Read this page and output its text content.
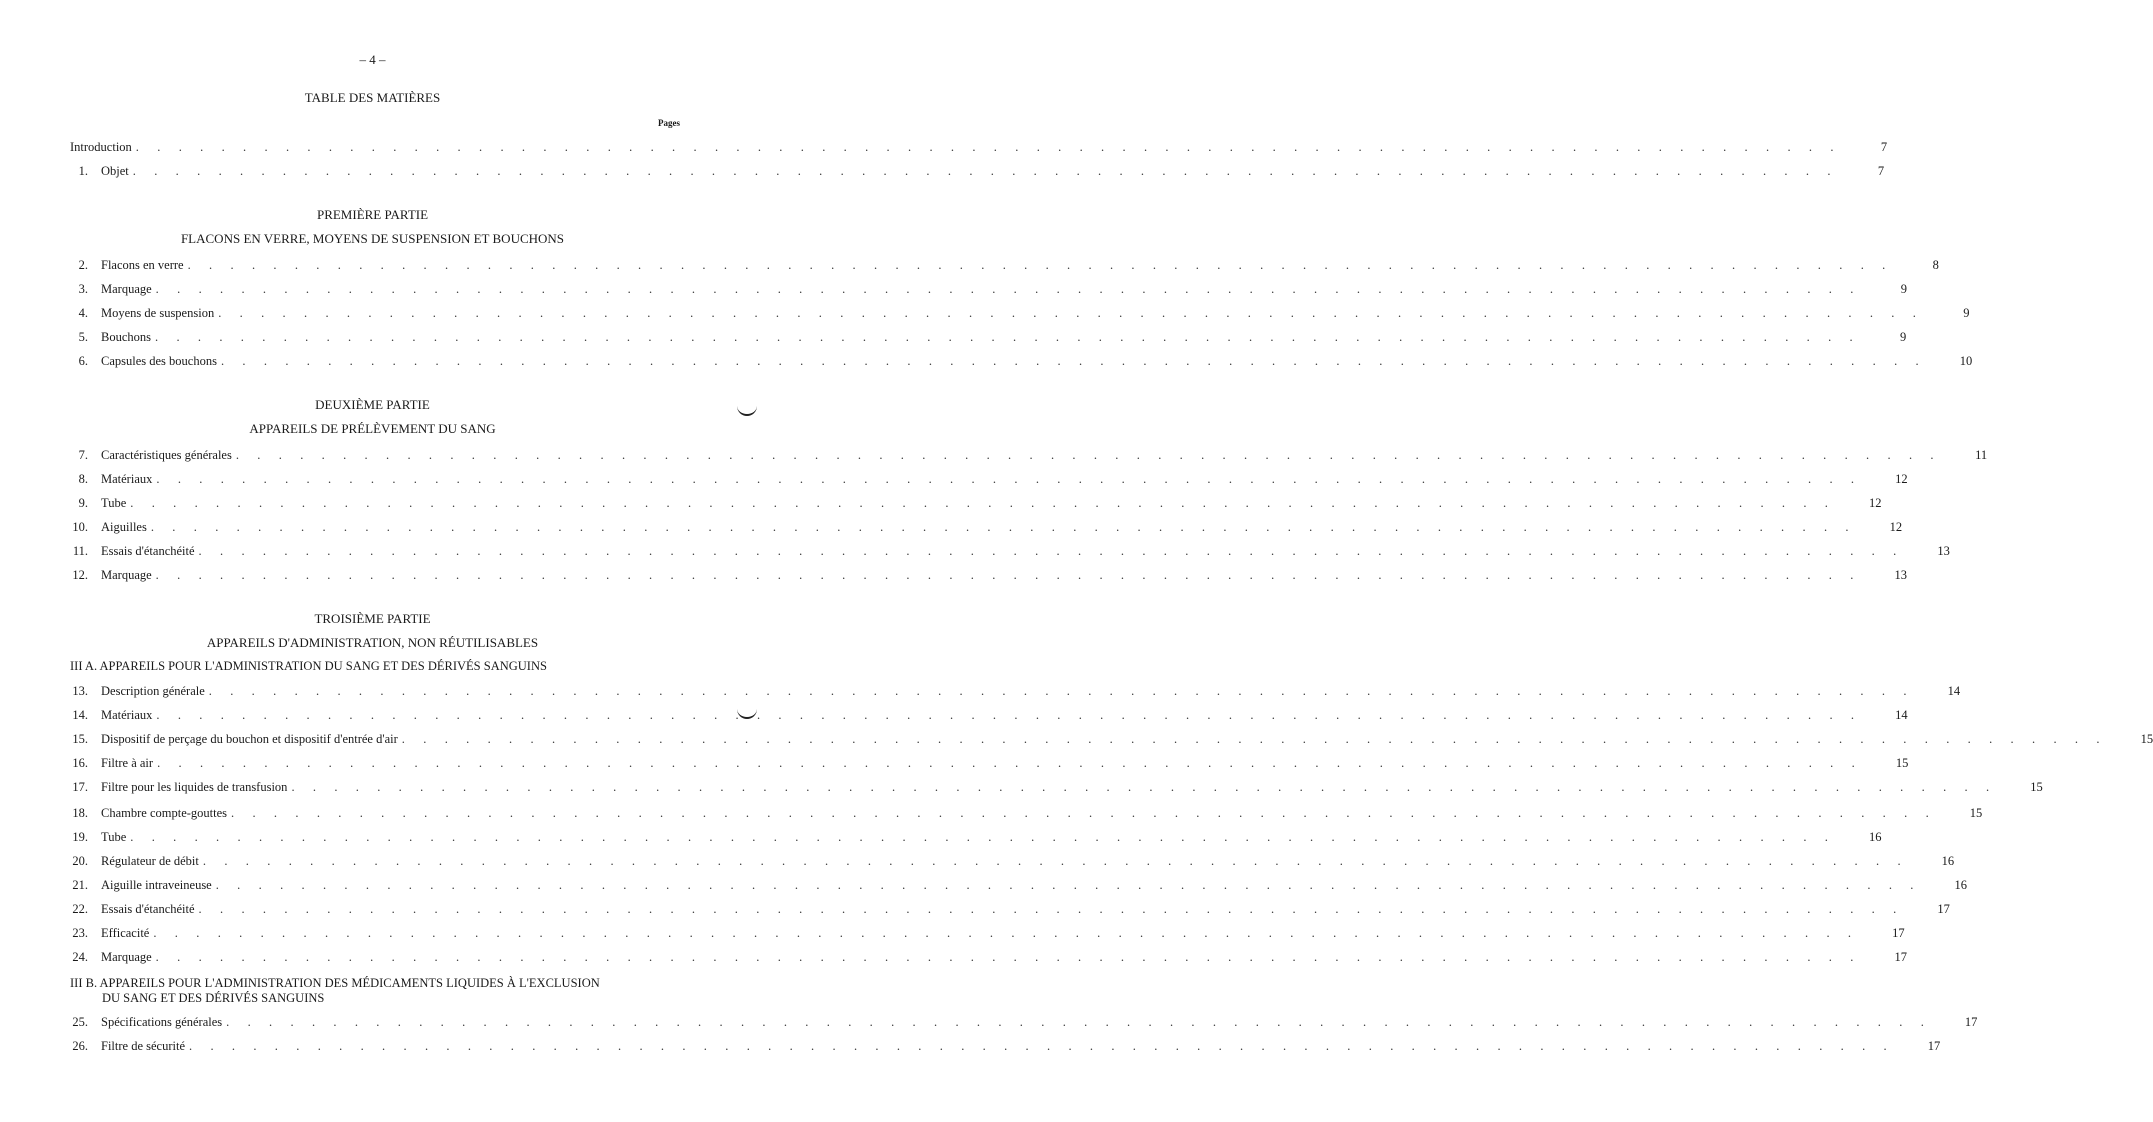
– 4 –
TABLE DES MATIÈRES
Pages
PREMIÈRE PARTIE
FLACONS EN VERRE, MOYENS DE SUSPENSION ET BOUCHONS
DEUXIÈME PARTIE
APPAREILS DE PRÉLÈVEMENT DU SANG
TROISIÈME PARTIE
APPAREILS D'ADMINISTRATION, NON RÉUTILISABLES
III A. APPAREILS POUR L'ADMINISTRATION DU SANG ET DES DÉRIVÉS SANGUINS
III B. APPAREILS POUR L'ADMINISTRATION DES MÉDICAMENTS LIQUIDES À L'EXCLUSION
DU SANG ET DES DÉRIVÉS SANGUINS
Introduction . . . . . . . . . . . . . . . . . . . . . . . . . . . . . . . . . . . . . . . . . . . . . . . . . . . . . . . . . . . . . . . . . . . . . . . . . . . . . . . .	7
1. Objet . . . . . . . . . . . . . . . . . . . . . . . . . . . . . . . . . . . . . . . . . . . . . . . . . . . . . . . . . . . . . . . . . . . . . . . . . . . . . . . .	7
2. Flacons en verre . . . . . . . . . . . . . . . . . . . . . . . . . . . . . . . . . . . . . . . . . . . . . . . . . . . . . . . . . . . . . . . . . . . . . . . . . . . . . . . .	8
3. Marquage . . . . . . . . . . . . . . . . . . . . . . . . . . . . . . . . . . . . . . . . . . . . . . . . . . . . . . . . . . . . . . . . . . . . . . . . . . . . . . . .	9
4. Moyens de suspension . . . . . . . . . . . . . . . . . . . . . . . . . . . . . . . . . . . . . . . . . . . . . . . . . . . . . . . . . . . . . . . . . . . . . . . . . . . . . . . .	9
5. Bouchons . . . . . . . . . . . . . . . . . . . . . . . . . . . . . . . . . . . . . . . . . . . . . . . . . . . . . . . . . . . . . . . . . . . . . . . . . . . . . . . .	9
6. Capsules des bouchons . . . . . . . . . . . . . . . . . . . . . . . . . . . . . . . . . . . . . . . . . . . . . . . . . . . . . . . . . . . . . . . . . . . . . . . . . . . . . . . .	10
7. Caractéristiques générales . . . . . . . . . . . . . . . . . . . . . . . . . . . . . . . . . . . . . . . . . . . . . . . . . . . . . . . . . . . . . . . . . . . . . . . . . . . . . . . .	11
8. Matériaux . . . . . . . . . . . . . . . . . . . . . . . . . . . . . . . . . . . . . . . . . . . . . . . . . . . . . . . . . . . . . . . . . . . . . . . . . . . . . . . .	12
9. Tube . . . . . . . . . . . . . . . . . . . . . . . . . . . . . . . . . . . . . . . . . . . . . . . . . . . . . . . . . . . . . . . . . . . . . . . . . . . . . . . .	12
10. Aiguilles . . . . . . . . . . . . . . . . . . . . . . . . . . . . . . . . . . . . . . . . . . . . . . . . . . . . . . . . . . . . . . . . . . . . . . . . . . . . . . . .	12
11. Essais d'étanchéité . . . . . . . . . . . . . . . . . . . . . . . . . . . . . . . . . . . . . . . . . . . . . . . . . . . . . . . . . . . . . . . . . . . . . . . . . . . . . . . .	13
12. Marquage . . . . . . . . . . . . . . . . . . . . . . . . . . . . . . . . . . . . . . . . . . . . . . . . . . . . . . . . . . . . . . . . . . . . . . . . . . . . . . . .	13
13. Description générale . . . . . . . . . . . . . . . . . . . . . . . . . . . . . . . . . . . . . . . . . . . . . . . . . . . . . . . . . . . . . . . . . . . . . . . . . . . . . . . .	14
14. Matériaux . . . . . . . . . . . . . . . . . . . . . . . . . . . . . . . . . . . . . . . . . . . . . . . . . . . . . . . . . . . . . . . . . . . . . . . . . . . . . . . .	14
15. Dispositif de perçage du bouchon et dispositif d'entrée d'air . . . . . . . . . . . . . . . . . . . . . . . . . . . . . . . . . . . . . . . . . . . . . . . . . . . . . . . . . . . . . . . . . . . . . . . . . . . . . . . .	15
16. Filtre à air . . . . . . . . . . . . . . . . . . . . . . . . . . . . . . . . . . . . . . . . . . . . . . . . . . . . . . . . . . . . . . . . . . . . . . . . . . . . . . . .	15
17. Filtre pour les liquides de transfusion . . . . . . . . . . . . . . . . . . . . . . . . . . . . . . . . . . . . . . . . . . . . . . . . . . . . . . . . . . . . . . . . . . . . . . . . . . . . . . . .	15
18. Chambre compte-gouttes . . . . . . . . . . . . . . . . . . . . . . . . . . . . . . . . . . . . . . . . . . . . . . . . . . . . . . . . . . . . . . . . . . . . . . . . . . . . . . . .	15
19. Tube . . . . . . . . . . . . . . . . . . . . . . . . . . . . . . . . . . . . . . . . . . . . . . . . . . . . . . . . . . . . . . . . . . . . . . . . . . . . . . . .	16
20. Régulateur de débit . . . . . . . . . . . . . . . . . . . . . . . . . . . . . . . . . . . . . . . . . . . . . . . . . . . . . . . . . . . . . . . . . . . . . . . . . . . . . . . .	16
21. Aiguille intraveineuse . . . . . . . . . . . . . . . . . . . . . . . . . . . . . . . . . . . . . . . . . . . . . . . . . . . . . . . . . . . . . . . . . . . . . . . . . . . . . . . .	16
22. Essais d'étanchéité . . . . . . . . . . . . . . . . . . . . . . . . . . . . . . . . . . . . . . . . . . . . . . . . . . . . . . . . . . . . . . . . . . . . . . . . . . . . . . . .	17
23. Efficacité . . . . . . . . . . . . . . . . . . . . . . . . . . . . . . . . . . . . . . . . . . . . . . . . . . . . . . . . . . . . . . . . . . . . . . . . . . . . . . . .	17
24. Marquage . . . . . . . . . . . . . . . . . . . . . . . . . . . . . . . . . . . . . . . . . . . . . . . . . . . . . . . . . . . . . . . . . . . . . . . . . . . . . . . .	17
25. Spécifications générales . . . . . . . . . . . . . . . . . . . . . . . . . . . . . . . . . . . . . . . . . . . . . . . . . . . . . . . . . . . . . . . . . . . . . . . . . . . . . . . .	17
26. Filtre de sécurité . . . . . . . . . . . . . . . . . . . . . . . . . . . . . . . . . . . . . . . . . . . . . . . . . . . . . . . . . . . . . . . . . . . . . . . . . . . . . . . .	17
